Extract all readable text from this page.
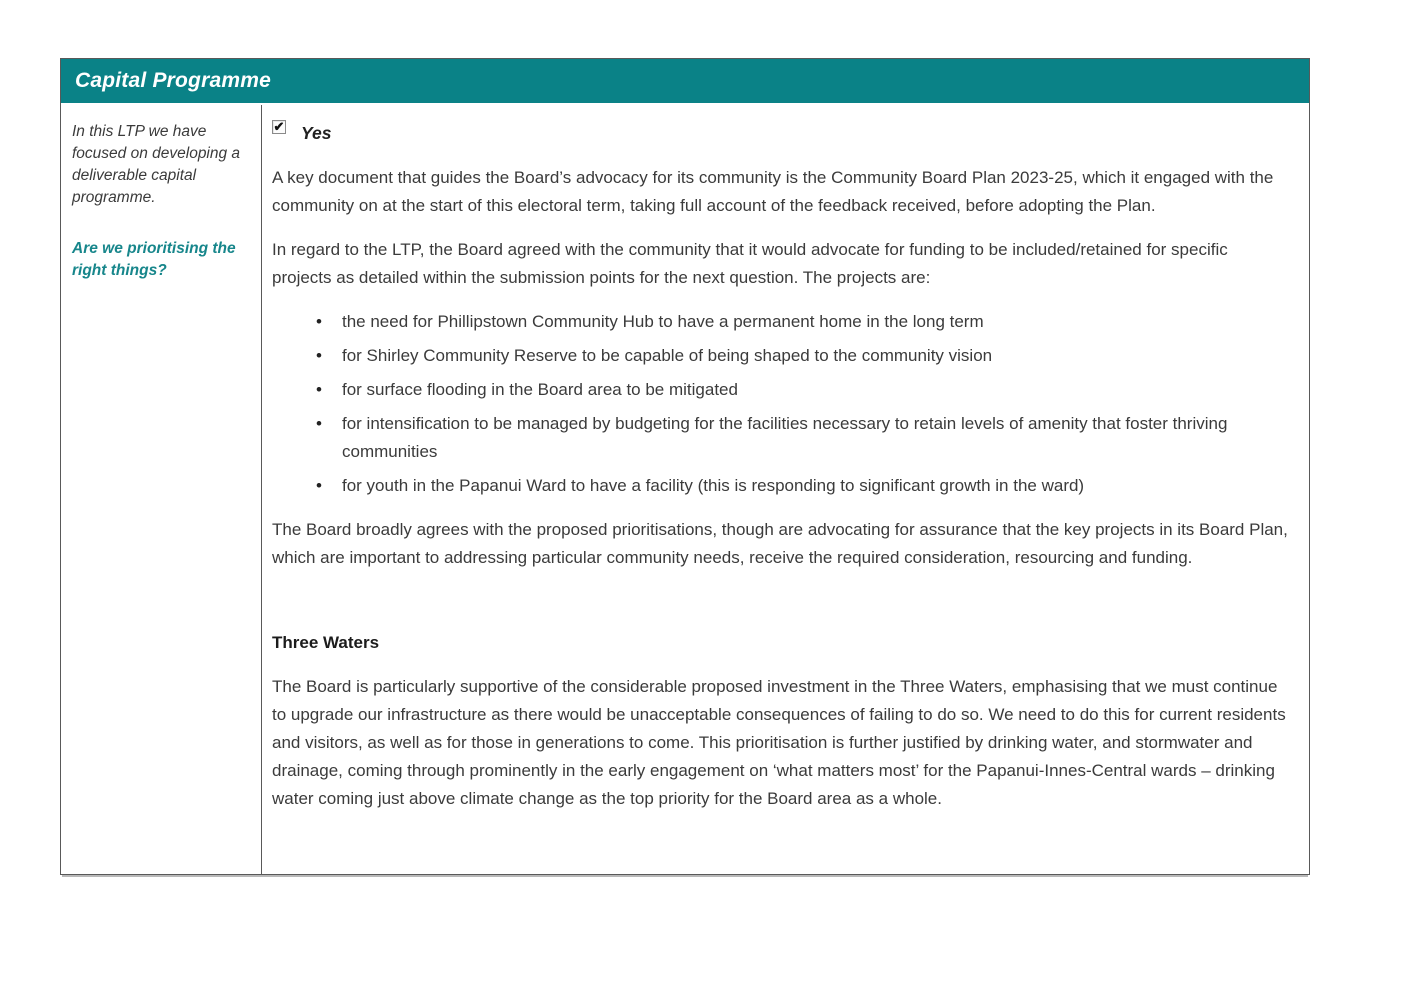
Capital Programme
In this LTP we have focused on developing a deliverable capital programme.
Are we prioritising the right things?
✔ Yes

A key document that guides the Board’s advocacy for its community is the Community Board Plan 2023-25, which it engaged with the community on at the start of this electoral term, taking full account of the feedback received, before adopting the Plan.

In regard to the LTP, the Board agreed with the community that it would advocate for funding to be included/retained for specific projects as detailed within the submission points for the next question. The projects are:

• the need for Phillipstown Community Hub to have a permanent home in the long term
• for Shirley Community Reserve to be capable of being shaped to the community vision
• for surface flooding in the Board area to be mitigated
• for intensification to be managed by budgeting for the facilities necessary to retain levels of amenity that foster thriving communities
• for youth in the Papanui Ward to have a facility (this is responding to significant growth in the ward)

The Board broadly agrees with the proposed prioritisations, though are advocating for assurance that the key projects in its Board Plan, which are important to addressing particular community needs, receive the required consideration, resourcing and funding.

Three Waters

The Board is particularly supportive of the considerable proposed investment in the Three Waters, emphasising that we must continue to upgrade our infrastructure as there would be unacceptable consequences of failing to do so. We need to do this for current residents and visitors, as well as for those in generations to come. This prioritisation is further justified by drinking water, and stormwater and drainage, coming through prominently in the early engagement on ‘what matters most’ for the Papanui-Innes-Central wards – drinking water coming just above climate change as the top priority for the Board area as a whole.
